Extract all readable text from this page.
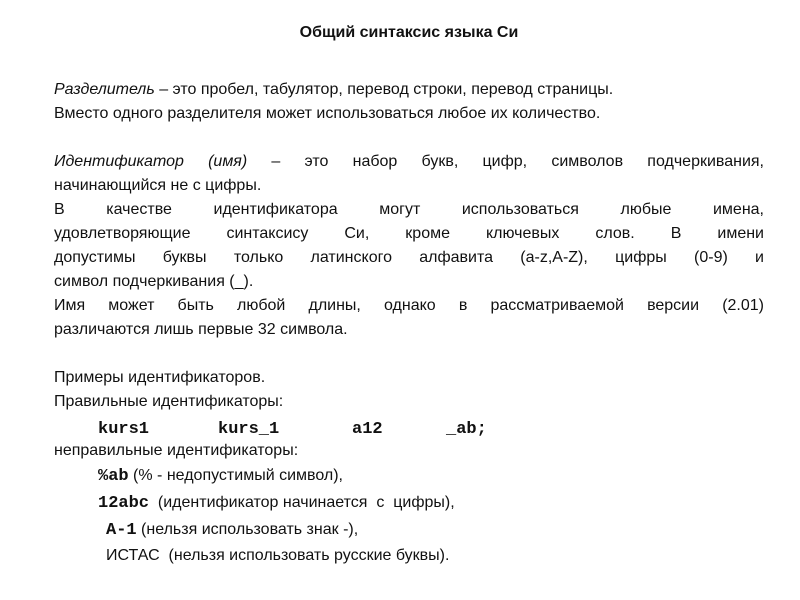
Общий синтаксис языка Си
Разделитель – это пробел, табулятор, перевод строки, перевод страницы.
Вместо одного разделителя может использоваться любое их количество.
Идентификатор (имя) – это набор букв, цифр, символов подчеркивания,
начинающийся не с цифры.
В качестве идентификатора могут использоваться любые имена,
удовлетворяющие синтаксису Си, кроме ключевых слов. В имени
допустимы буквы только латинского алфавита (a-z,A-Z), цифры (0-9) и
символ подчеркивания (_).
Имя может быть любой длины, однако в рассматриваемой версии (2.01)
различаются лишь первые 32 символа.
Примеры идентификаторов.
Правильные идентификаторы:
kurs1	kurs_1	a12	_ab;
неправильные идентификаторы:
%ab (% - недопустимый символ),
12abc  (идентификатор начинается  с  цифры),
A-1 (нельзя использовать знак -),
ИСТАС  (нельзя использовать русские буквы).
